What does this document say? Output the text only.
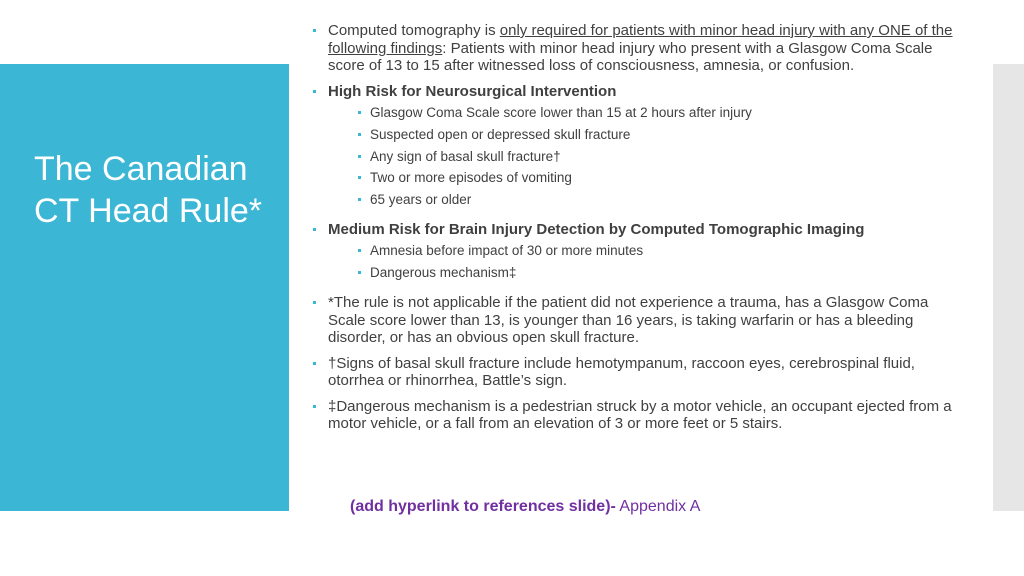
The Canadian CT Head Rule*

Computed tomography is only required for patients with minor head injury with any ONE of the following findings: Patients with minor head injury who present with a Glasgow Coma Scale score of 13 to 15 after witnessed loss of consciousness, amnesia, or confusion.

High Risk for Neurosurgical Intervention
Glasgow Coma Scale score lower than 15 at 2 hours after injury
Suspected open or depressed skull fracture
Any sign of basal skull fracture†
Two or more episodes of vomiting
65 years or older
Medium Risk for Brain Injury Detection by Computed Tomographic Imaging
Amnesia before impact of 30 or more minutes
Dangerous mechanism‡

*The rule is not applicable if the patient did not experience a trauma, has a Glasgow Coma Scale score lower than 13, is younger than 16 years, is taking warfarin or has a bleeding disorder, or has an obvious open skull fracture.

†Signs of basal skull fracture include hemotympanum, raccoon eyes, cerebrospinal fluid, otorrhea or rhinorrhea, Battle’s sign.

‡Dangerous mechanism is a pedestrian struck by a motor vehicle, an occupant ejected from a motor vehicle, or a fall from an elevation of 3 or more feet or 5 stairs.

(add hyperlink to references slide)- Appendix A
